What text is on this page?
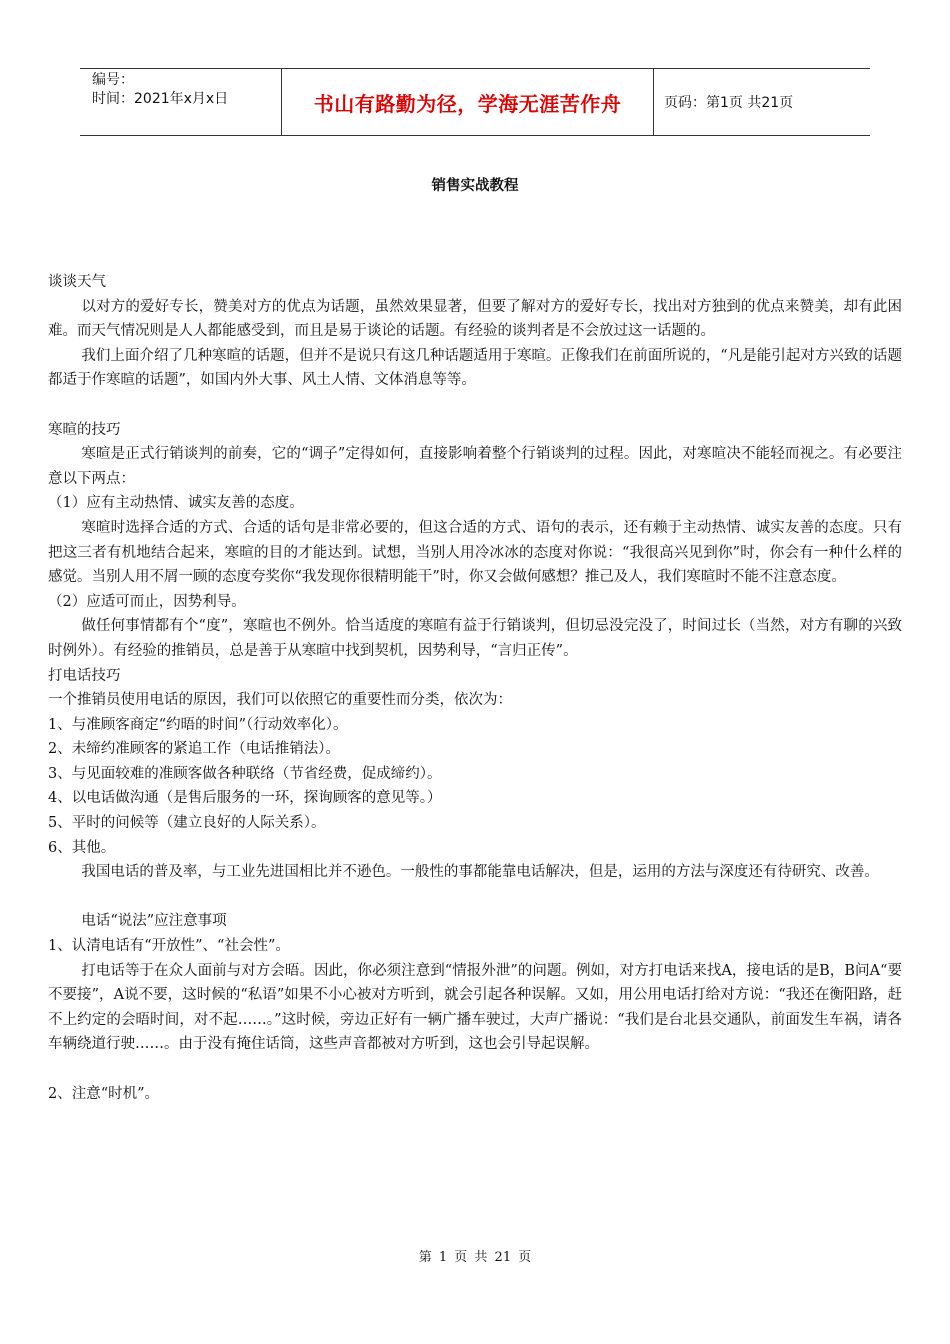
编号：
时间：2021年x月x日	书山有路勤为径，学海无涯苦作舟	页码：第1页 共21页
销售实战教程

谈谈天气

以对方的爱好专长，赞美对方的优点为话题，虽然效果显著，但要了解对方的爱好专长，找出对方独到的优点来赞美，却有此困难。而天气情况则是人人都能感受到，而且是易于谈论的话题。有经验的谈判者是不会放过这一话题的。

我们上面介绍了几种寒暄的话题，但并不是说只有这几种话题适用于寒暄。正像我们在前面所说的，“凡是能引起对方兴致的话题都适于作寒暄的话题”，如国内外大事、风土人情、文体消息等等。

寒暄的技巧

寒暄是正式行销谈判的前奏，它的“调子”定得如何，直接影响着整个行销谈判的过程。因此，对寒暄决不能轻而视之。有必要注意以下两点：

（1）应有主动热情、诚实友善的态度。

寒暄时选择合适的方式、合适的话句是非常必要的，但这合适的方式、语句的表示，还有赖于主动热情、诚实友善的态度。只有把这三者有机地结合起来，寒暄的目的才能达到。试想，当别人用冷冰冰的态度对你说：“我很高兴见到你”时，你会有一种什么样的感觉。当别人用不屑一顾的态度夸奖你“我发现你很精明能干”时，你又会做何感想？推己及人，我们寒暄时不能不注意态度。

（2）应适可而止，因势利导。

做任何事情都有个“度”，寒暄也不例外。恰当适度的寒暄有益于行销谈判，但切忌没完没了，时间过长（当然，对方有聊的兴致时例外）。有经验的推销员，总是善于从寒暄中找到契机，因势利导，“言归正传”。

打电话技巧

一个推销员使用电话的原因，我们可以依照它的重要性而分类，依次为：

1、与准顾客商定“约晤的时间”（行动效率化）。

2、未缔约准顾客的紧追工作（电话推销法）。

3、与见面较难的准顾客做各种联络（节省经费，促成缔约）。

4、以电话做沟通（是售后服务的一环，探询顾客的意见等。）

5、平时的问候等（建立良好的人际关系）。

6、其他。

我国电话的普及率，与工业先进国相比并不逊色。一般性的事都能靠电话解决，但是，运用的方法与深度还有待研究、改善。

电话“说法”应注意事项

1、认清电话有“开放性”、“社会性”。

打电话等于在众人面前与对方会晤。因此，你必须注意到“情报外泄”的问题。例如，对方打电话来找A，接电话的是B，B问A“要不要接”，A说不要，这时候的“私语”如果不小心被对方听到，就会引起各种误解。又如，用公用电话打给对方说：“我还在衡阳路，赶不上约定的会晤时间，对不起……。”这时候，旁边正好有一辆广播车驶过，大声广播说：“我们是台北县交通队，前面发生车祸，请各车辆绕道行驶……。由于没有掩住话筒，这些声音都被对方听到，这也会引导起误解。

2、注意“时机”。

第 1 页 共 21 页
